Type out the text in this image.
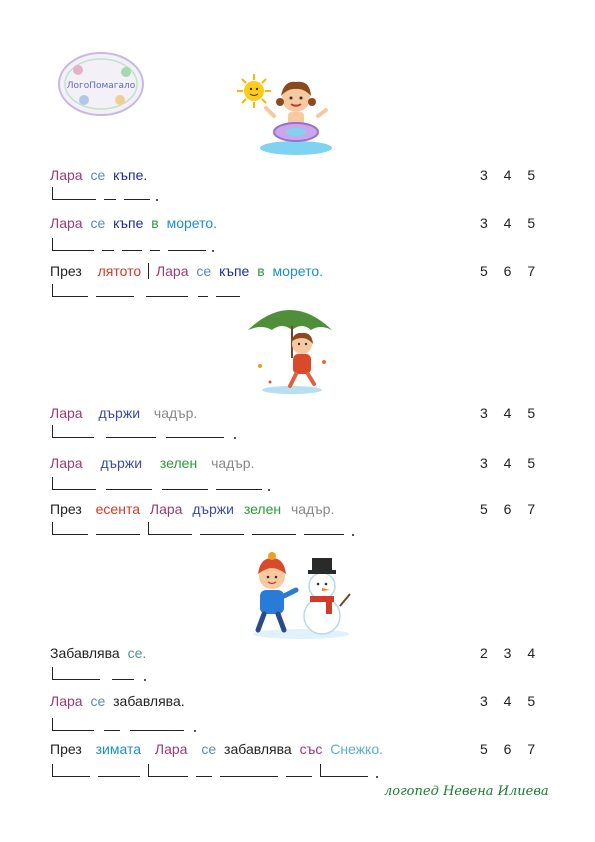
ЛогоПомагало
Лара се къпе.	3 4 5
Лара се къпе в морето.	3 4 5
През лятото Лара се къпе в морето.	5 6 7
Лара държи чадър.	3 4 5
Лара държи зелен чадър.	3 4 5
През есента Лара държи зелен чадър.	5 6 7
Забавлява се.	2 3 4
Лара се забавлява.	3 4 5
През зимата Лара се забавлява със Снежко.	5 6 7
логопед Невена Илиева
